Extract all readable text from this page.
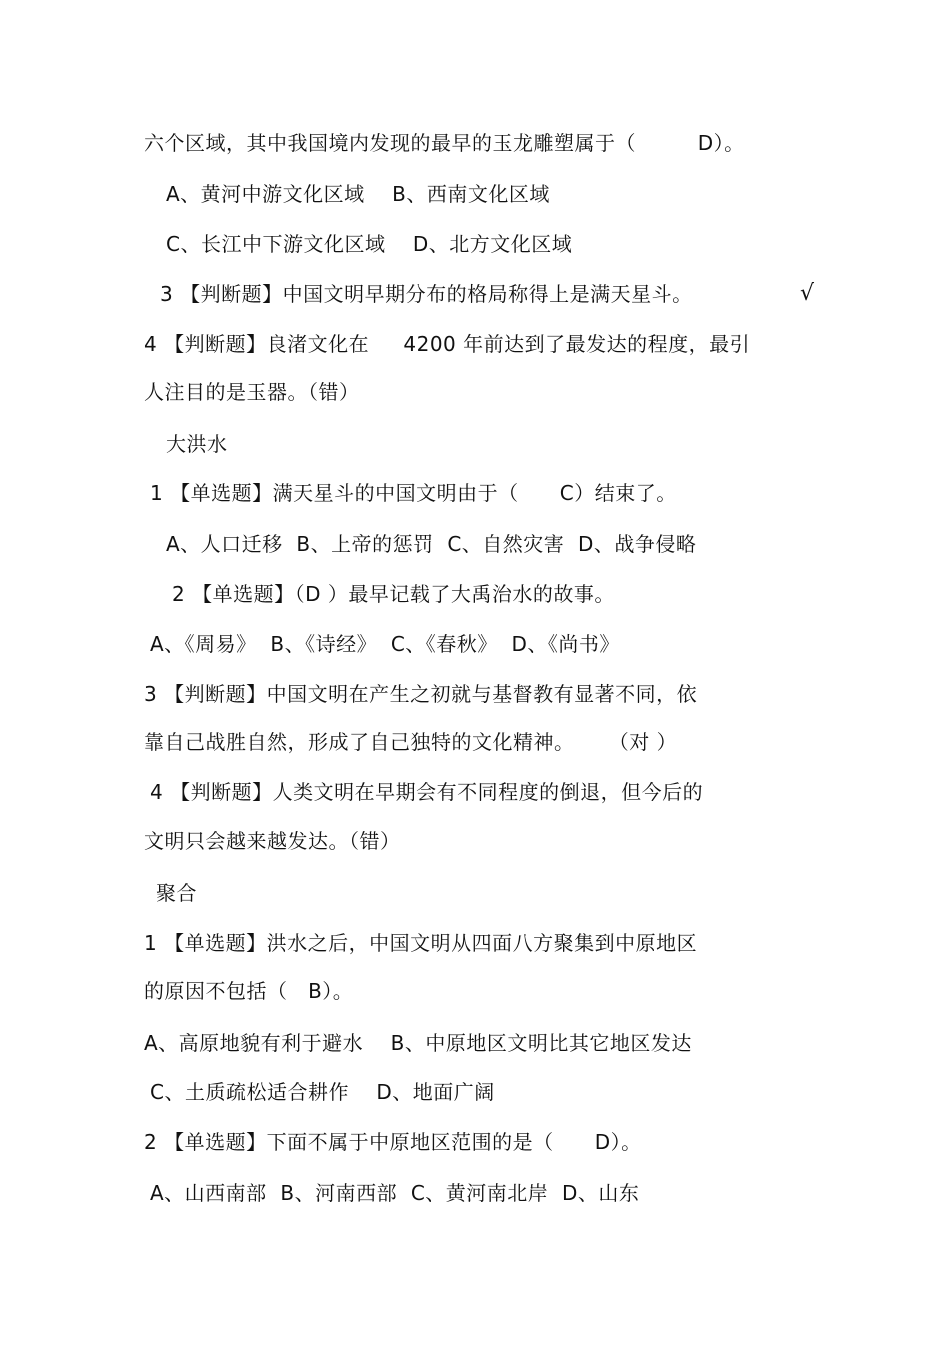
六个区域，其中我国境内发现的最早的玉龙雕塑属于（         D）。
A、黄河中游文化区域    B、西南文化区域
C、长江中下游文化区域    D、北方文化区域
3 【判断题】中国文明早期分布的格局称得上是满天星斗。	√
4 【判断题】良渚文化在     4200 年前达到了最发达的程度，最引
人注目的是玉器。（错）
大洪水
1 【单选题】满天星斗的中国文明由于（      C）结束了。
A、人口迁移  B、上帝的惩罚  C、自然灾害  D、战争侵略
2 【单选题】（D ）最早记载了大禹治水的故事。
A、《周易》  B、《诗经》  C、《春秋》  D、《尚书》
3 【判断题】中国文明在产生之初就与基督教有显著不同，依
靠自己战胜自然，形成了自己独特的文化精神。     （对 ）
4 【判断题】人类文明在早期会有不同程度的倒退，但今后的
文明只会越来越发达。（错）
聚合
1 【单选题】洪水之后，中国文明从四面八方聚集到中原地区
的原因不包括（   B）。
A、高原地貌有利于避水    B、中原地区文明比其它地区发达
C、土质疏松适合耕作    D、地面广阔
2 【单选题】下面不属于中原地区范围的是（      D）。
A、山西南部  B、河南西部  C、黄河南北岸  D、山东
